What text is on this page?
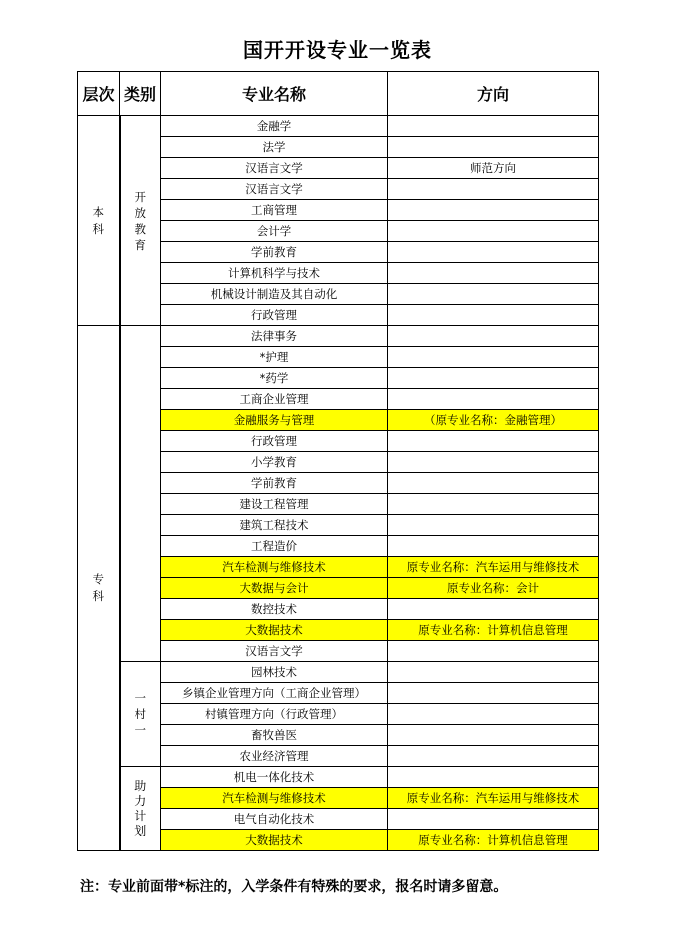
国开开设专业一览表
层次	类别	专业名称	方向
本科	开放教育	金融学	
		法学	
		汉语言文学	师范方向
		汉语言文学	
		工商管理	
		会计学	
		学前教育	
		计算机科学与技术	
		机械设计制造及其自动化	
		行政管理	
专科		法律事务	
		*护理	
		*药学	
		工商企业管理	
		金融服务与管理	（原专业名称：金融管理）
		行政管理	
		小学教育	
		学前教育	
		建设工程管理	
		建筑工程技术	
		工程造价	
		汽车检测与维修技术	原专业名称：汽车运用与维修技术
		大数据与会计	原专业名称：会计
		数控技术	
		大数据技术	原专业名称：计算机信息管理
		汉语言文学	
	一村一	园林技术	
		乡镇企业管理方向（工商企业管理）	
		村镇管理方向（行政管理）	
		畜牧兽医	
		农业经济管理	
	助力计划	机电一体化技术	
		汽车检测与维修技术	原专业名称：汽车运用与维修技术
		电气自动化技术	
		大数据技术	原专业名称：计算机信息管理
注：专业前面带*标注的，入学条件有特殊的要求，报名时请多留意。
